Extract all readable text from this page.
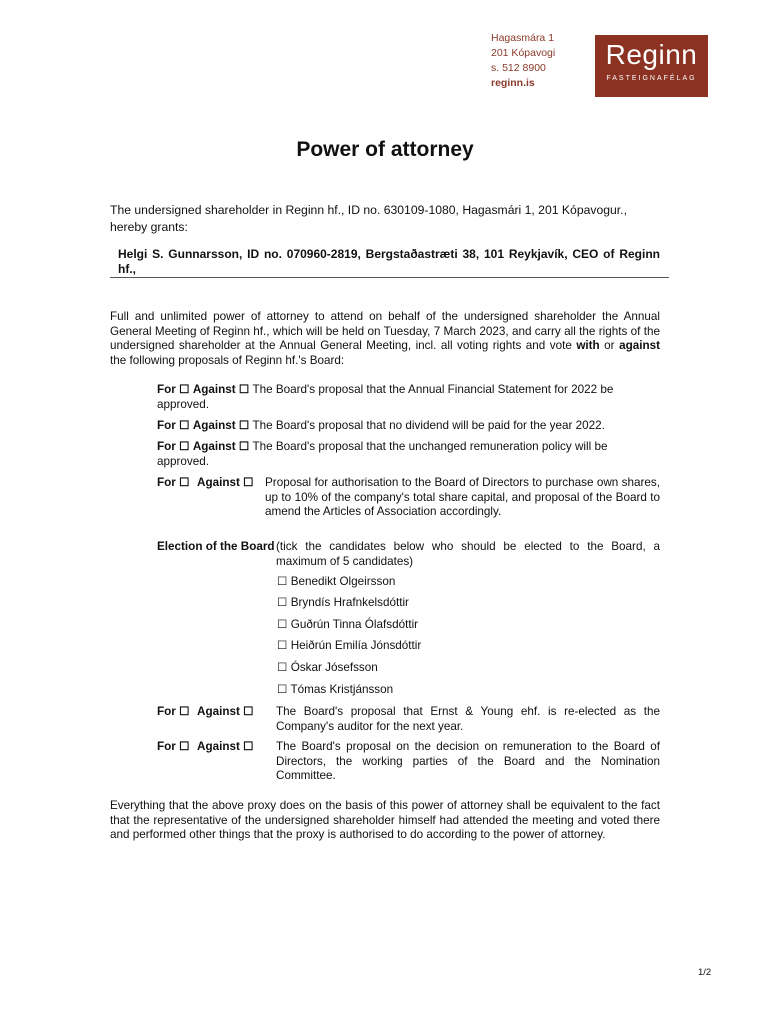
Hagasmára 1
201 Kópavogi
s. 512 8900
reginn.is
Reginn
FASTEIGNAFÉLAG
Power of attorney
The undersigned shareholder in Reginn hf., ID no. 630109-1080, Hagasmári 1, 201 Kópavogur., hereby grants:
Helgi S. Gunnarsson, ID no. 070960-2819, Bergstaðastræti 38, 101 Reykjavík, CEO of Reginn hf.,
Full and unlimited power of attorney to attend on behalf of the undersigned shareholder the Annual General Meeting of Reginn hf., which will be held on Tuesday, 7 March 2023, and carry all the rights of the undersigned shareholder at the Annual General Meeting, incl. all voting rights and vote with or against the following proposals of Reginn hf.'s Board:
For ☐ Against ☐ The Board's proposal that the Annual Financial Statement for 2022 be approved.
For ☐ Against ☐ The Board's proposal that no dividend will be paid for the year 2022.
For ☐ Against ☐ The Board's proposal that the unchanged remuneration policy will be approved.
For ☐ Against ☐ Proposal for authorisation to the Board of Directors to purchase own shares, up to 10% of the company's total share capital, and proposal of the Board to amend the Articles of Association accordingly.
Election of the Board (tick the candidates below who should be elected to the Board, a maximum of 5 candidates)
☐ Benedikt Olgeirsson
☐ Bryndís Hrafnkelsdóttir
☐ Guðrún Tinna Ólafsdóttir
☐ Heiðrún Emilía Jónsdóttir
☐ Óskar Jósefsson
☐ Tómas Kristjánsson
For ☐ Against ☐ The Board's proposal that Ernst & Young ehf. is re-elected as the Company's auditor for the next year.
For ☐ Against ☐ The Board's proposal on the decision on remuneration to the Board of Directors, the working parties of the Board and the Nomination Committee.
Everything that the above proxy does on the basis of this power of attorney shall be equivalent to the fact that the representative of the undersigned shareholder himself had attended the meeting and voted there and performed other things that the proxy is authorised to do according to the power of attorney.
1/2
